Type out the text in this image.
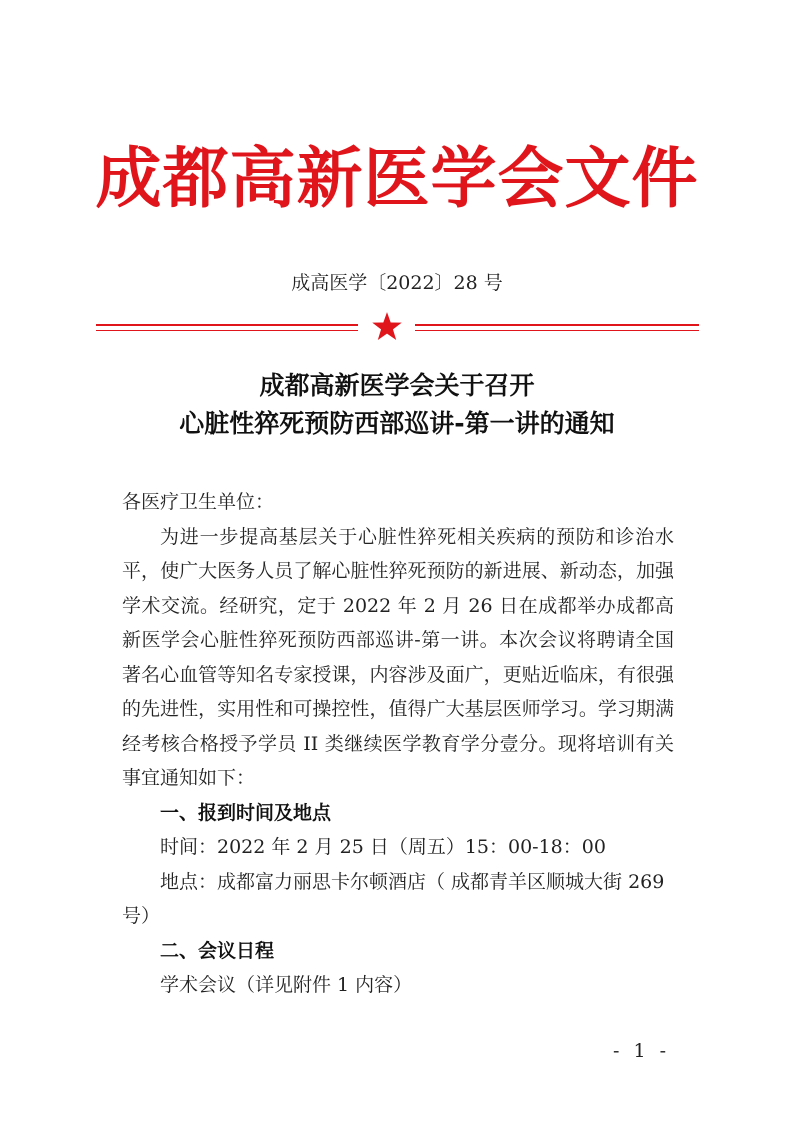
成都高新医学会文件
成高医学〔2022〕28 号
成都高新医学会关于召开
心脏性猝死预防西部巡讲-第一讲的通知

各医疗卫生单位：

为进一步提高基层关于心脏性猝死相关疾病的预防和诊治水平，使广大医务人员了解心脏性猝死预防的新进展、新动态，加强学术交流。经研究，定于 2022 年 2 月 26 日在成都举办成都高新医学会心脏性猝死预防西部巡讲-第一讲。本次会议将聘请全国著名心血管等知名专家授课，内容涉及面广，更贴近临床，有很强的先进性，实用性和可操控性，值得广大基层医师学习。学习期满经考核合格授予学员 II 类继续医学教育学分壹分。现将培训有关事宜通知如下：

一、报到时间及地点

时间：2022 年 2 月 25 日（周五）15：00-18：00

地点：成都富力丽思卡尔顿酒店（ 成都青羊区顺城大街 269 号）

二、会议日程

学术会议（详见附件 1 内容）

- 1 -
